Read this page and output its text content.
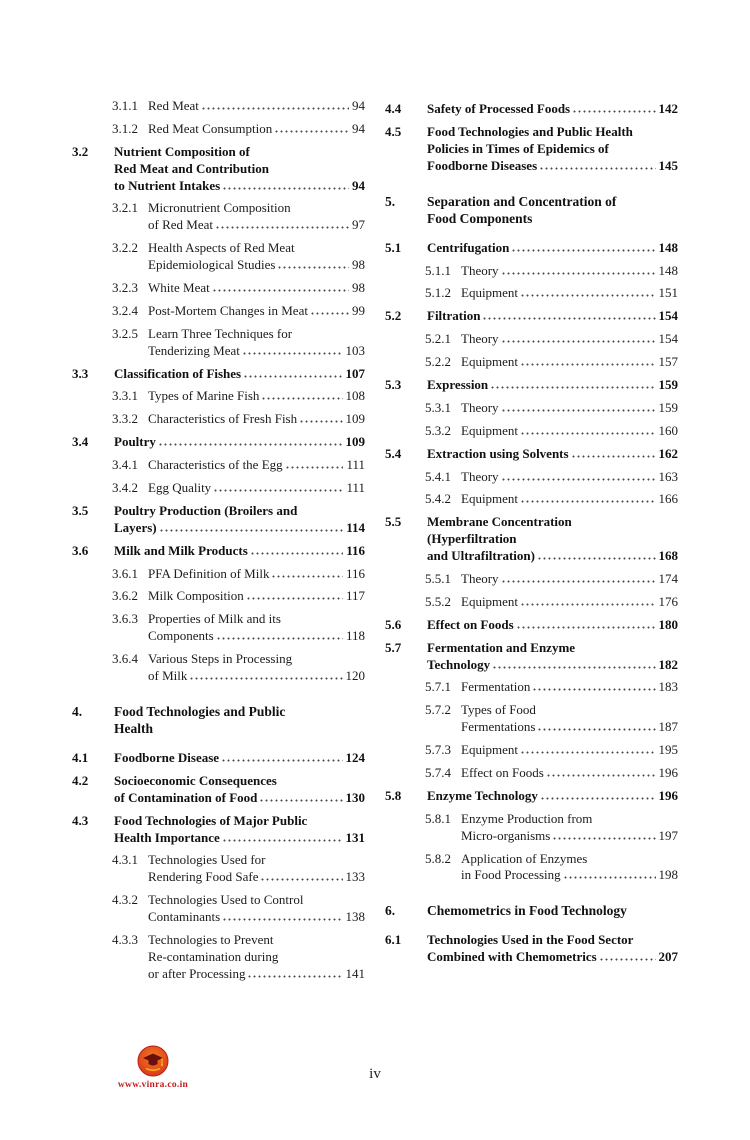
3.1.1 Red Meat	94
3.1.2 Red Meat Consumption	94
3.2	Nutrient Composition of
Red Meat and Contribution
to Nutrient Intakes	94
3.2.1 Micronutrient Composition
of Red Meat	97
3.2.2 Health Aspects of Red Meat
Epidemiological Studies	98
3.2.3 White Meat	98
3.2.4 Post-Mortem Changes in Meat	99
3.2.5 Learn Three Techniques for
Tenderizing Meat	103
3.3	Classification of Fishes	107
3.3.1 Types of Marine Fish	108
3.3.2 Characteristics of Fresh Fish	109
3.4	Poultry	109
3.4.1 Characteristics of the Egg	111
3.4.2 Egg Quality	111
3.5	Poultry Production (Broilers and
Layers)	114
3.6	Milk and Milk Products	116
3.6.1 PFA Definition of Milk	116
3.6.2 Milk Composition	117
3.6.3 Properties of Milk and its
Components	118
3.6.4 Various Steps in Processing
of Milk	120
4.	Food Technologies and Public
Health
4.1	Foodborne Disease	124
4.2	Socioeconomic Consequences
of Contamination of Food	130
4.3	Food Technologies of Major Public
Health Importance	131
4.3.1 Technologies Used for
Rendering Food Safe	133
4.3.2 Technologies Used to Control
Contaminants	138
4.3.3 Technologies to Prevent
Re-contamination during
or after Processing	141
4.4	Safety of Processed Foods	142
4.5	Food Technologies and Public Health
Policies in Times of Epidemics of
Foodborne Diseases	145
5.	Separation and Concentration of
Food Components
5.1	Centrifugation	148
5.1.1 Theory	148
5.1.2 Equipment	151
5.2	Filtration	154
5.2.1 Theory	154
5.2.2 Equipment	157
5.3	Expression	159
5.3.1 Theory	159
5.3.2 Equipment	160
5.4	Extraction using Solvents	162
5.4.1 Theory	163
5.4.2 Equipment	166
5.5	Membrane Concentration
(Hyperfiltration
and Ultrafiltration)	168
5.5.1 Theory	174
5.5.2 Equipment	176
5.6	Effect on Foods	180
5.7	Fermentation and Enzyme
Technology	182
5.7.1 Fermentation	183
5.7.2 Types of Food
Fermentations	187
5.7.3 Equipment	195
5.7.4 Effect on Foods	196
5.8	Enzyme Technology	196
5.8.1 Enzyme Production from
Micro-organisms	197
5.8.2 Application of Enzymes
in Food Processing	198
6.	Chemometrics in Food Technology
6.1	Technologies Used in the Food Sector
Combined with Chemometrics	207
www.vinra.co.in
iv
